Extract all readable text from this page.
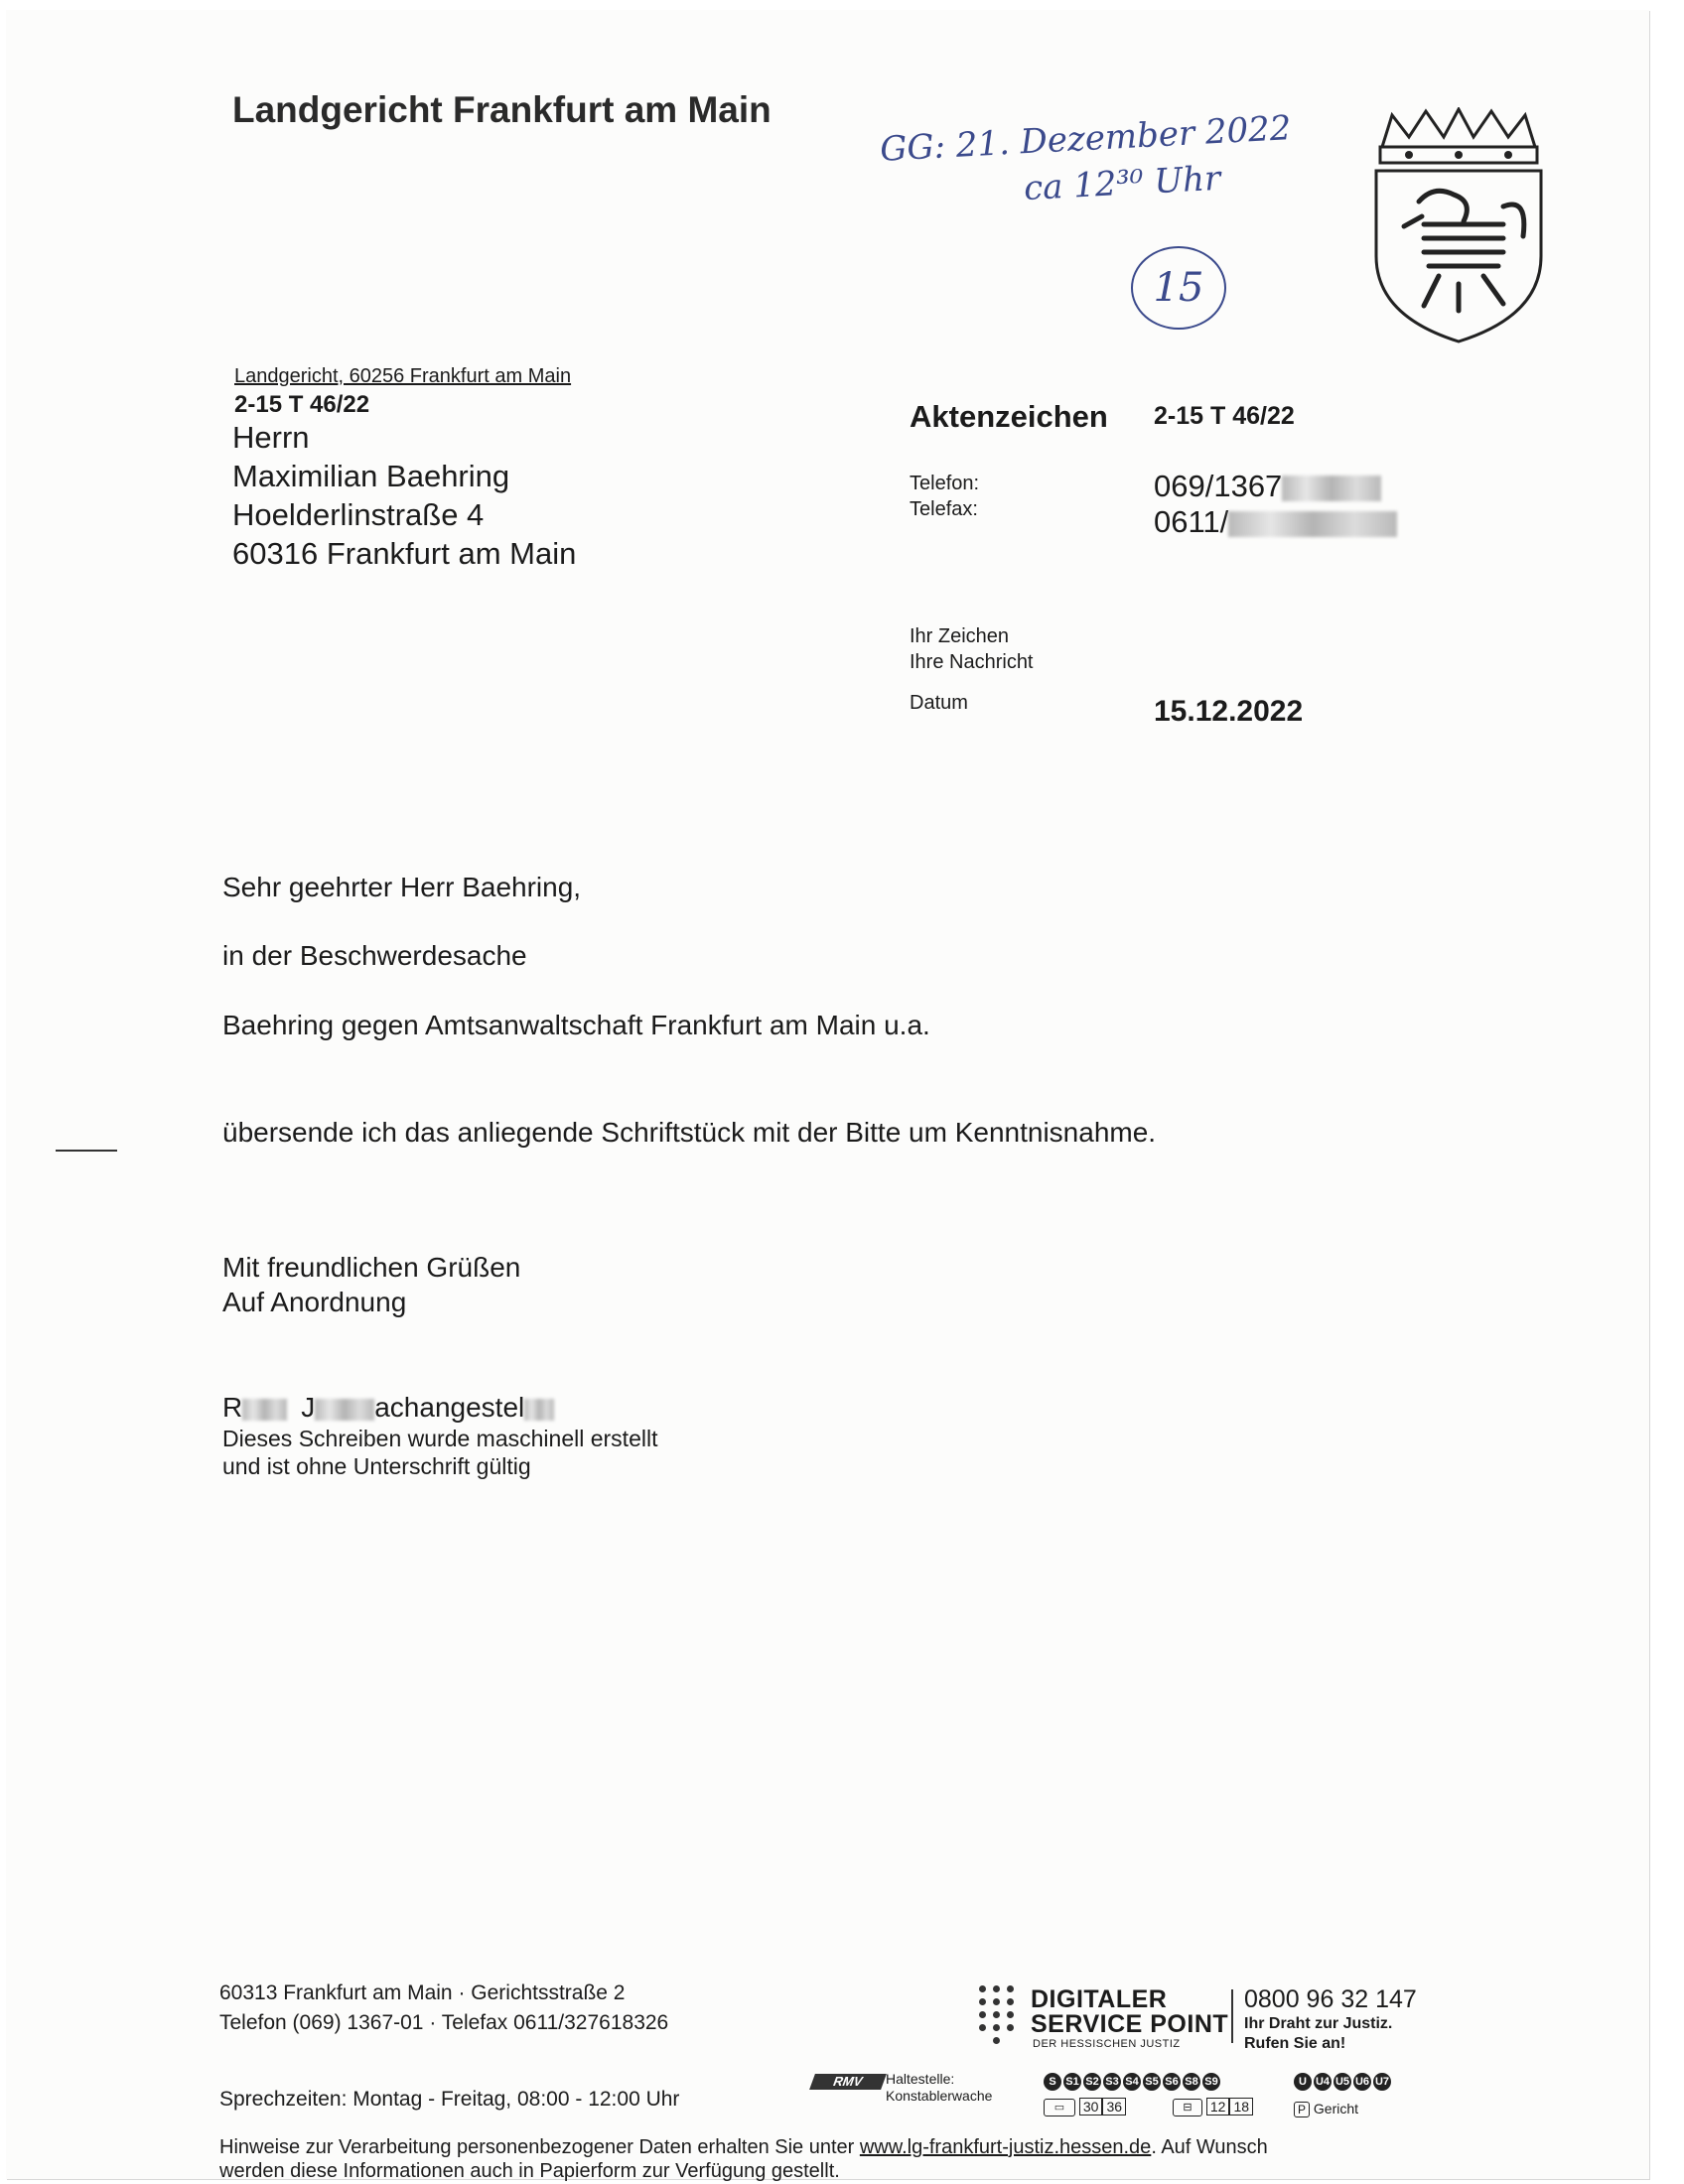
Landgericht Frankfurt am Main	GG: 21. Dezember 2022
ca 12³⁰ Uhr
15
Landgericht, 60256 Frankfurt am Main
2-15 T 46/22
Herrn
Maximilian Baehring
Hoelderlinstraße 4
60316 Frankfurt am Main
Aktenzeichen 2-15 T 46/22
Telefon:	069/1367
Telefax:	0611/
Ihr Zeichen
Ihre Nachricht
Datum	15.12.2022
Sehr geehrter Herr Baehring,
in der Beschwerdesache
Baehring gegen Amtsanwaltschaft Frankfurt am Main u.a.
übersende ich das anliegende Schriftstück mit der Bitte um Kenntnisnahme.
Mit freundlichen Grüßen
Auf Anordnung
R J achangestel
Dieses Schreiben wurde maschinell erstellt
und ist ohne Unterschrift gültig
60313 Frankfurt am Main · Gerichtsstraße 2
Telefon (069) 1367-01 · Telefax 0611/327618326
Sprechzeiten: Montag - Freitag, 08:00 - 12:00 Uhr
DIGITALER
SERVICE POINT
DER HESSISCHEN JUSTIZ
0800 96 32 147
Ihr Draht zur Justiz.
Rufen Sie an!
RMV	Haltestelle:
Konstablerwache
S S1 S2 S3 S4 S5 S6 S8 S9	U U4 U5 U6 U7
▭ 30 36	⊟ 12 18	P Gericht
Hinweise zur Verarbeitung personenbezogener Daten erhalten Sie unter www.lg-frankfurt-justiz.hessen.de. Auf Wunsch
werden diese Informationen auch in Papierform zur Verfügung gestellt.
